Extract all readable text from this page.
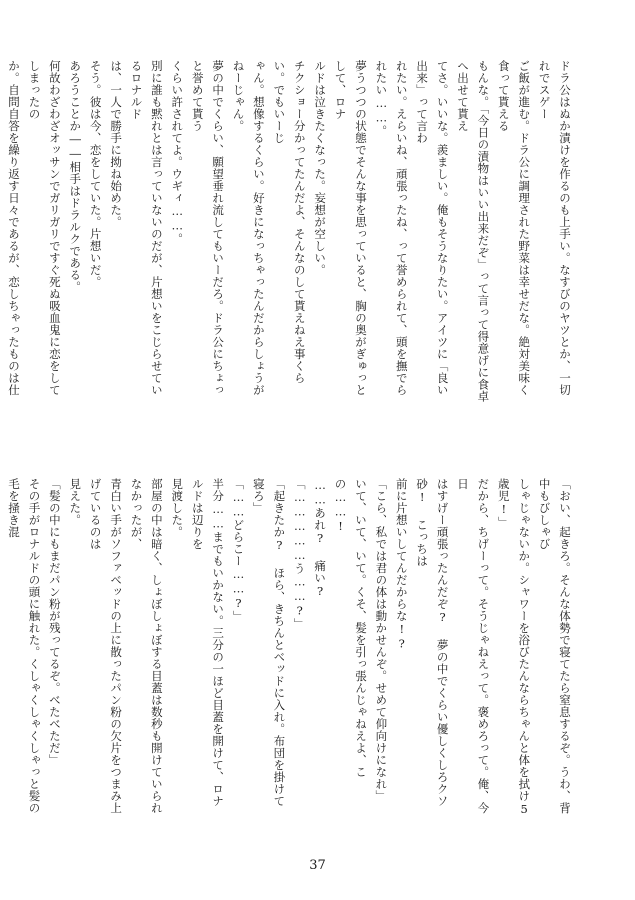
ドラ公はぬか漬けを作るのも上手い。なすびのヤツとか、一切れでスゲー

ご飯が進む。ドラ公に調理された野菜は幸せだな。絶対美味く食って貰える

もんな。「今日の漬物はいい出来だぞ」って言って得意げに食卓へ出せて貰え

てさ。いいな。羨ましい。俺もそうなりたい。アイツに「良い出来」って言わ

れたい。えらいね、頑張ったね、って誉められて、頭を撫でられたい……。

夢うつつの状態でそんな事を思っていると、胸の奥がぎゅっとして、ロナ

ルドは泣きたくなった。妄想が空しい。

チクショー分かってたんだよ、そんなのして貰えねえ事くらい。でもいーじ

ゃん。想像するくらい。好きになっちゃったんだからしょうがねーじゃん。

夢の中でくらい、願望垂れ流してもいーだろ。ドラ公にちょっと誉めて貰う

くらい許されてよ。ウギィ……。

別に誰も黙れとは言っていないのだが、片想いをこじらせているロナルド

は、一人で勝手に拗ね始めた。

そう。彼は今、恋をしていた。片想いだ。

あろうことか――相手はドラルクである。

何故わざわざオッサンでガリガリですぐ死ぬ吸血鬼に恋をしてしまったの

か。自問自答を繰り返す日々であるが、恋しちゃったものは仕

「おい、起きろ。そんな体勢で寝てたら窒息するぞ。うわ、背中もびしゃび

しゃじゃないか。シャワーを浴びたんならちゃんと体を拭け5歳児!」

だから、ちげーって。そうじゃねえって。褒めろって。俺、今日

はすげー頑張ったんだぞ? 夢の中でくらい優しくしろクソ砂! こっちは

前に片想いしてんだからな!?

「こら、私では君の体は動かせんぞ。せめて仰向けになれ」

いて、いて、いて。くそ、髪を引っ張んじゃねえよ、この……!

……あれ? 痛い?

「……………う……?」

「起きたか? ほら、きちんとベッドに入れ。布団を掛けて寝ろ」

「……どらこー……?」

半分……までもいかない。三分の一ほど目蓋を開けて、ロナルドは辺りを

見渡した。

部屋の中は暗く、しょぼしょぼする目蓋は数秒も開けていられなかったが、

青白い手がソファベッドの上に散ったパン粉の欠片をつまみ上げているのは

見えた。

「髪の中にもまだパン粉が残ってるぞ。べたべただ」

その手がロナルドの頭に触れた。くしゃくしゃくしゃっと髪の毛を掻き混

37
